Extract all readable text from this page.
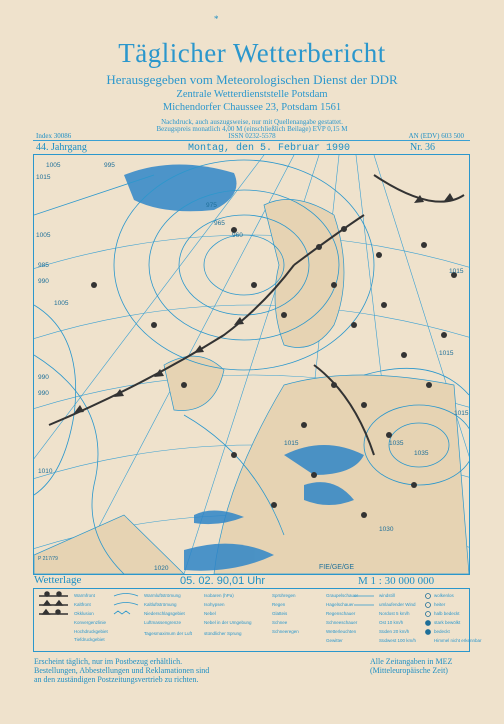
*
Täglicher Wetterbericht
Herausgegeben vom Meteorologischen Dienst der DDR
Zentrale Wetterdienststelle Potsdam
Michendorfer Chaussee 23, Potsdam 1561
Nachdruck, auch auszugsweise, nur mit Quellenangabe gestattet.
Bezugspreis monatlich 4,00 M (einschließlich Beilage) EVP 0,15 M
ISSN 0232-5578
Index 30086	AN (EDV) 603 500
44. Jahrgang	Montag, den 5. Februar 1990	Nr. 36
1005	995
1015
975
965
960
1005
985
990
990
990
1010
1015
1015
1035
1030
1035
1020
1015
1015
1005
FIE/GE/GE
P 217/79
Wetterlage	05. 02. 90,01 Uhr	M 1 : 30 000 000
Warmfront
Kaltfront
Okklusion
Konvergenzlinie
Hochdruckgebiet
Tiefdruckgebiet
Warmluftströmung
Kaltluftströmung
Niederschlagsgebiet
Luftmassengrenze
Tagesmaximum der Luft
Isobaren (hPa)
Isohypsen
Nebel
Nebel in der Umgebung
stündlicher Sprung
Sprühregen
Regen
Glatteis
Schnee
Schneeregen
Graupelschauer
Hagelschauer
Regenschauer
Schneeschauer
Wetterleuchten
Gewitter
windstill
umlaufender Wind
Nordost 5 km/h
Ost 10 km/h
Süden 20 km/h
Südwest 100 km/h
wolkenlos
heiter
halb bedeckt
stark bewölkt
bedeckt
Himmel nicht erkennbar
Erscheint täglich, nur im Postbezug erhältlich.
Bestellungen, Abbestellungen und Reklamationen sind
an den zuständigen Postzeitungsvertrieb zu richten.
Alle Zeitangaben in MEZ
(Mitteleuropäische Zeit)
